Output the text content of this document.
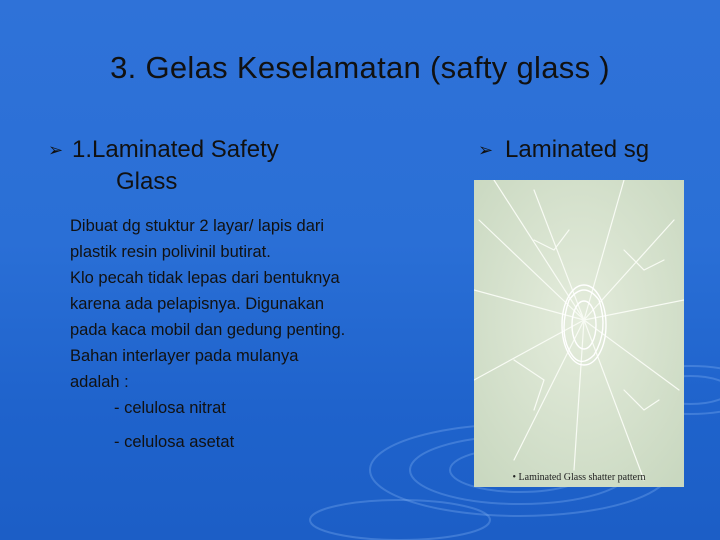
3. Gelas Keselamatan (safty glass )
➢ 1.Laminated Safety
Glass
➢ Laminated sg
Dibuat dg stuktur 2 layar/ lapis dari
plastik resin polivinil butirat.
Klo pecah tidak lepas dari bentuknya
karena ada pelapisnya. Digunakan
pada kaca mobil dan gedung penting.
Bahan interlayer pada mulanya
adalah :
- celulosa nitrat
- celulosa asetat
• Laminated Glass shatter pattern
